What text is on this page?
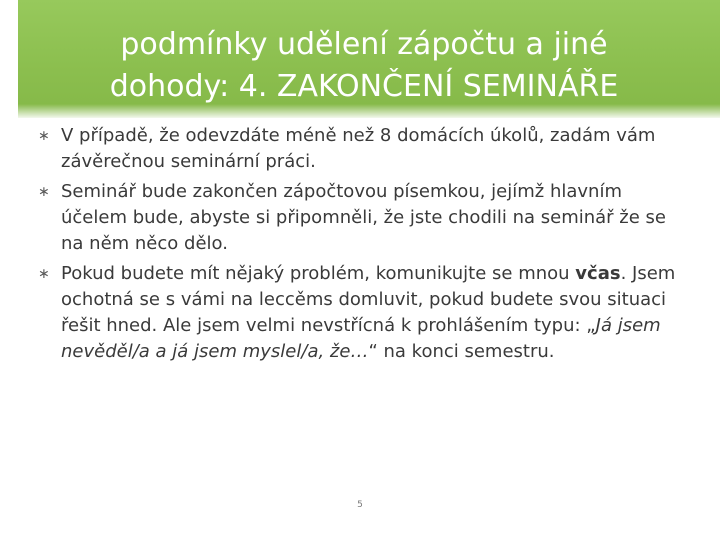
podmínky udělení zápočtu a jiné
dohody: 4. ZAKONČENÍ SEMINÁŘE
∗ V případě, že odevzdáte méně než 8 domácích úkolů, zadám vám závěrečnou seminární práci.
∗ Seminář bude zakončen zápočtovou písemkou, jejímž hlavním účelem bude, abyste si připomněli, že jste chodili na seminář že se na něm něco dělo.
∗ Pokud budete mít nějaký problém, komunikujte se mnou včas. Jsem ochotná se s vámi na leccěms domluvit, pokud budete svou situaci řešit hned. Ale jsem velmi nevstřícná k prohlášením typu: „Já jsem nevěděl/a a já jsem myslel/a, že…“ na konci semestru.
5
